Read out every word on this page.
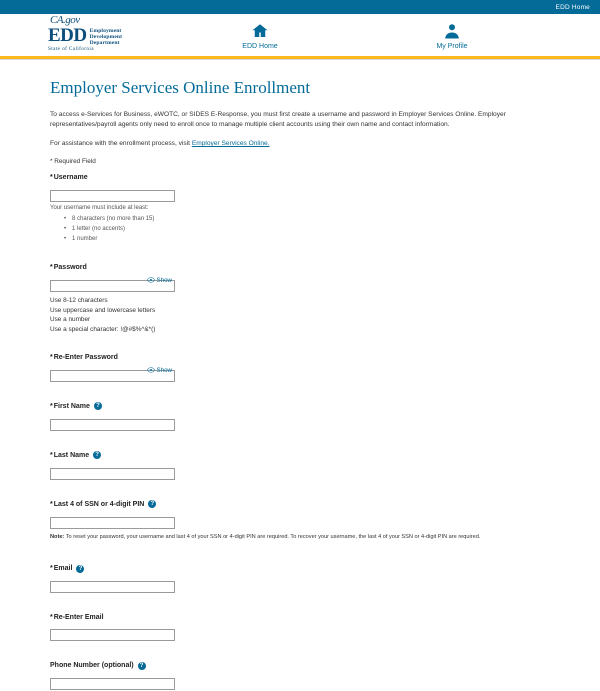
EDD Home
CA.gov
EDD Employment
Development
Department
State of California	EDD Home	My Profile
Employer Services Online Enrollment

To access e-Services for Business, eWOTC, or SIDES E-Response, you must first create a username and password in Employer Services Online. Employer representatives/payroll agents only need to enroll once to manage multiple client accounts using their own name and contact information.

For assistance with the enrollment process, visit Employer Services Online.

* Required Field
* Username

Your username must include at least:

• 8 characters (no more than 15)
• 1 letter (no accents)
• 1 number
* Password
Show
Use 8-12 characters
Use uppercase and lowercase letters
Use a number
Use a special character: !@#$%^&*()
* Re-Enter Password
Show
* First Name	?
* Last Name	?
* Last 4 of SSN or 4-digit PIN	?

Note: To reset your password, your username and last 4 of your SSN or 4-digit PIN are required. To recover your username, the last 4 of your SSN or 4-digit PIN are required.

* Email	?
* Re-Enter Email
Phone Number (optional)	?
